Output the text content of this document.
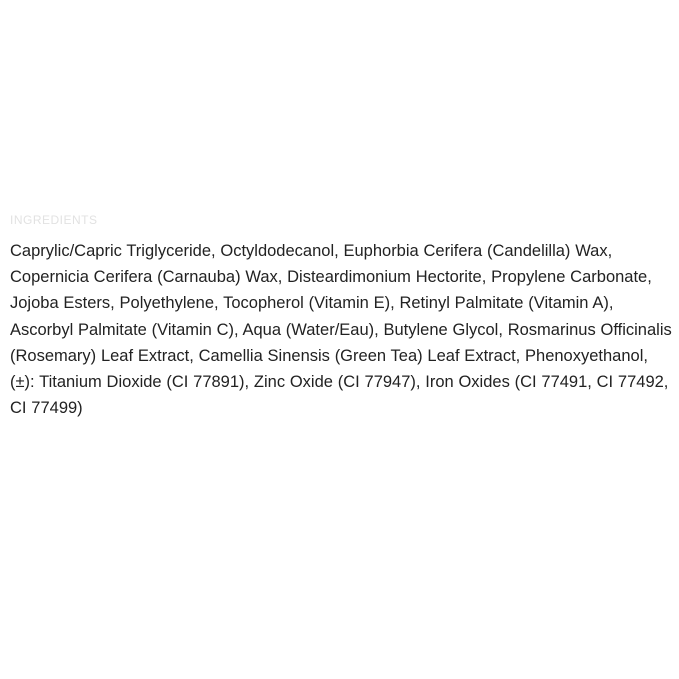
INGREDIENTS

Caprylic/Capric Triglyceride, Octyldodecanol, Euphorbia Cerifera (Candelilla) Wax, Copernicia Cerifera (Carnauba) Wax, Disteardimonium Hectorite, Propylene Carbonate, Jojoba Esters, Polyethylene, Tocopherol (Vitamin E), Retinyl Palmitate (Vitamin A), Ascorbyl Palmitate (Vitamin C), Aqua (Water/Eau), Butylene Glycol, Rosmarinus Officinalis (Rosemary) Leaf Extract, Camellia Sinensis (Green Tea) Leaf Extract, Phenoxyethanol, (±): Titanium Dioxide (CI 77891), Zinc Oxide (CI 77947), Iron Oxides (CI 77491, CI 77492, CI 77499)
